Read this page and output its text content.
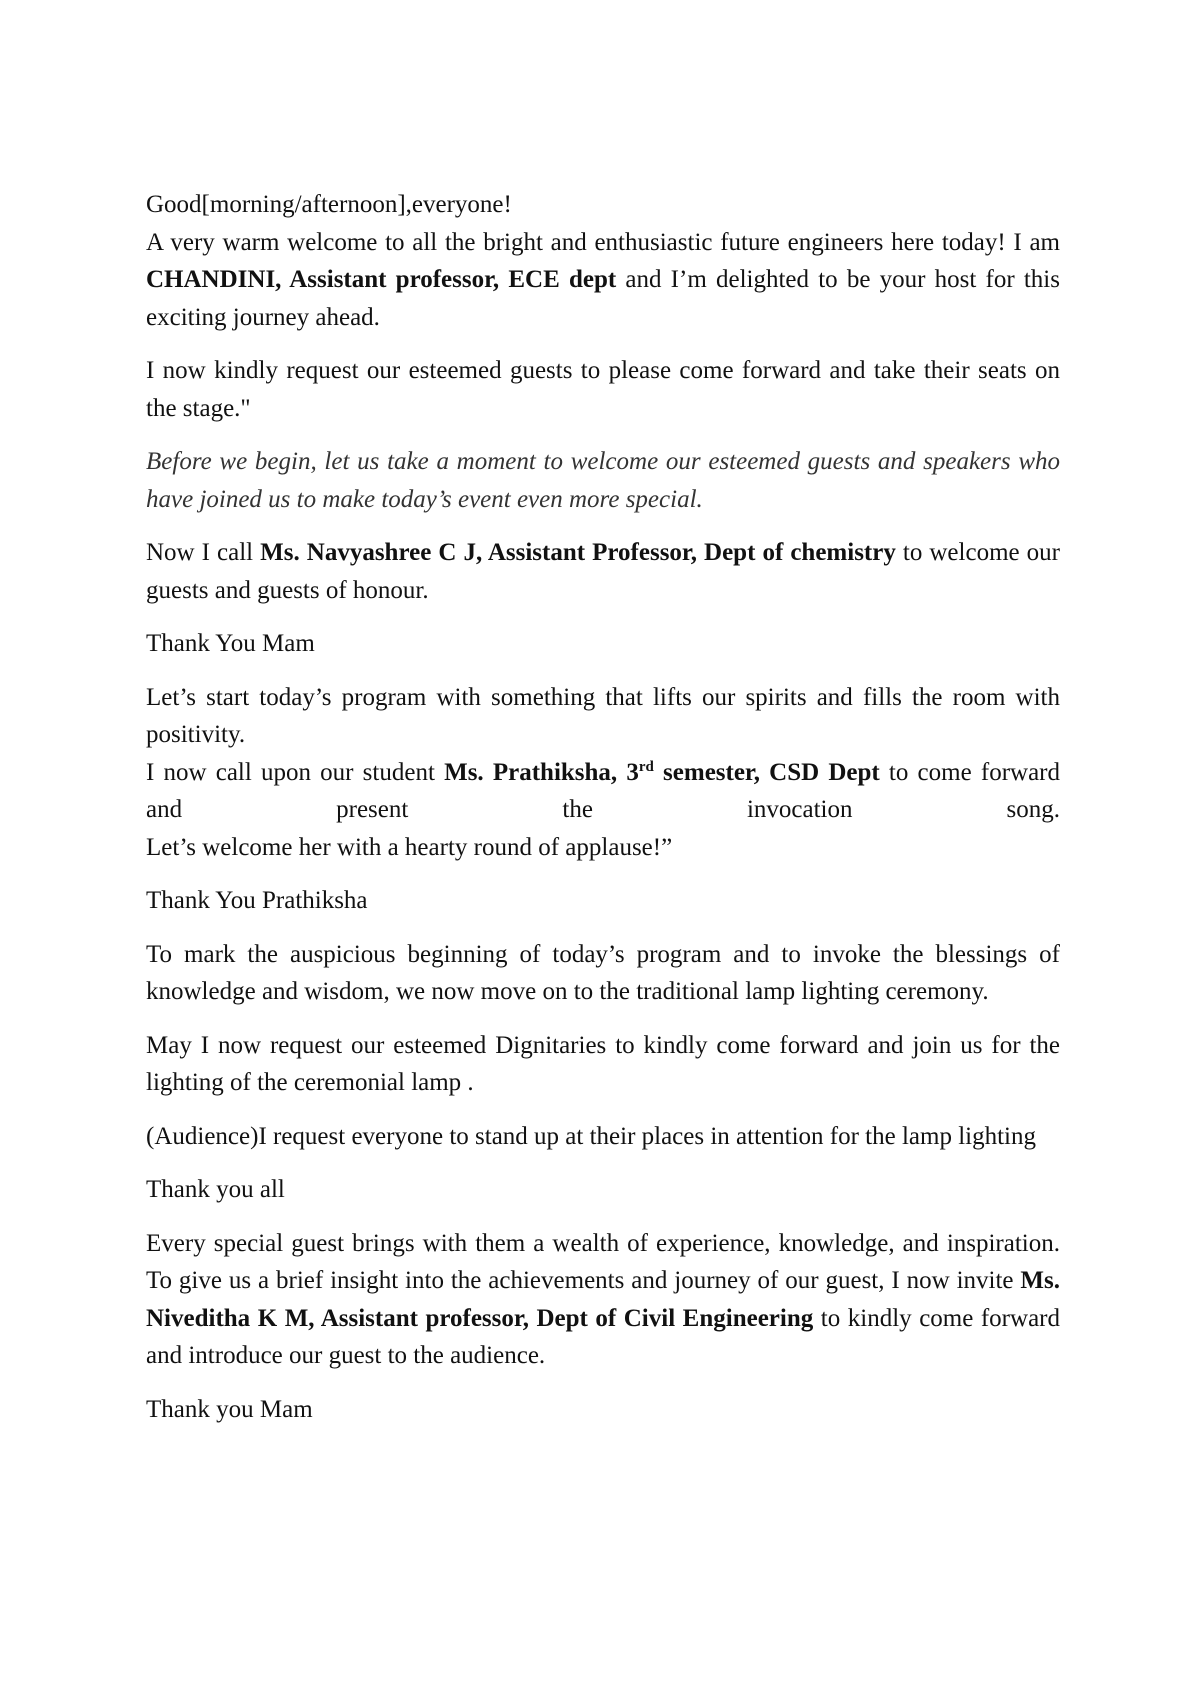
Good[morning/afternoon],everyone!

A very warm welcome to all the bright and enthusiastic future engineers here today! I am CHANDINI, Assistant professor, ECE dept and I’m delighted to be your host for this exciting journey ahead.

I now kindly request our esteemed guests to please come forward and take their seats on the stage."

Before we begin, let us take a moment to welcome our esteemed guests and speakers who have joined us to make today’s event even more special.

Now I call Ms. Navyashree C J, Assistant Professor, Dept of chemistry to welcome our guests and guests of honour.

Thank You Mam

Let’s start today’s program with something that lifts our spirits and fills the room with positivity.
I now call upon our student Ms. Prathiksha, 3rd semester, CSD Dept to come forward and present the invocation song.
Let’s welcome her with a hearty round of applause!”

Thank You Prathiksha

To mark the auspicious beginning of today’s program and to invoke the blessings of knowledge and wisdom, we now move on to the traditional lamp lighting ceremony.

May I now request our esteemed Dignitaries to kindly come forward and join us for the lighting of the ceremonial lamp .

(Audience)I request everyone to stand up at their places in attention for the lamp lighting

Thank you all

Every special guest brings with them a wealth of experience, knowledge, and inspiration. To give us a brief insight into the achievements and journey of our guest, I now invite Ms. Niveditha K M, Assistant professor, Dept of Civil Engineering to kindly come forward and introduce our guest to the audience.

Thank you Mam
